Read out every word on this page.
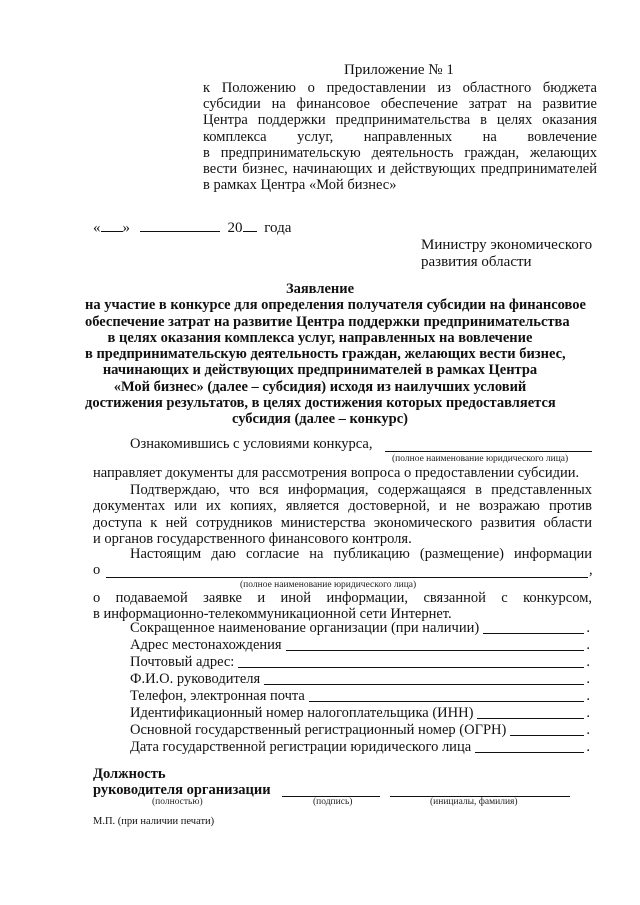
Приложение № 1
к Положению о предоставлении из областного бюджета
субсидии на финансовое обеспечение затрат на развитие
Центра поддержки предпринимательства в целях оказания
комплекса услуг, направленных на вовлечение
в предпринимательскую деятельность граждан, желающих
вести бизнес, начинающих и действующих предпринимателей
в рамках Центра «Мой бизнес»
« »	20 года
Министру экономического
развития области
Заявление
на участие в конкурсе для определения получателя субсидии на финансовое
обеспечение затрат на развитие Центра поддержки предпринимательства
в целях оказания комплекса услуг, направленных на вовлечение
в предпринимательскую деятельность граждан, желающих вести бизнес,
начинающих и действующих предпринимателей в рамках Центра
«Мой бизнес» (далее – субсидия) исходя из наилучших условий
достижения результатов, в целях достижения которых предоставляется
субсидия (далее – конкурс)
Ознакомившись с условиями конкурса,
(полное наименование юридического лица)
направляет документы для рассмотрения вопроса о предоставлении субсидии.
Подтверждаю, что вся информация, содержащаяся в представленных
документах или их копиях, является достоверной, и не возражаю против
доступа к ней сотрудников министерства экономического развития области
и органов государственного финансового контроля.
Настоящим даю согласие на публикацию (размещение) информации
о	,
(полное наименование юридического лица)
о подаваемой заявке и иной информации, связанной с конкурсом,
в информационно-телекоммуникационной сети Интернет.
Сокращенное наименование организации (при наличии)	.
Адрес местонахождения	.
Почтовый адрес:	.
Ф.И.О. руководителя	.
Телефон, электронная почта	.
Идентификационный номер налогоплательщика (ИНН)	.
Основной государственный регистрационный номер (ОГРН)	.
Дата государственной регистрации юридического лица	.
Должность
руководителя организации
(полностью)	(подпись)	(инициалы, фамилия)
М.П. (при наличии печати)
